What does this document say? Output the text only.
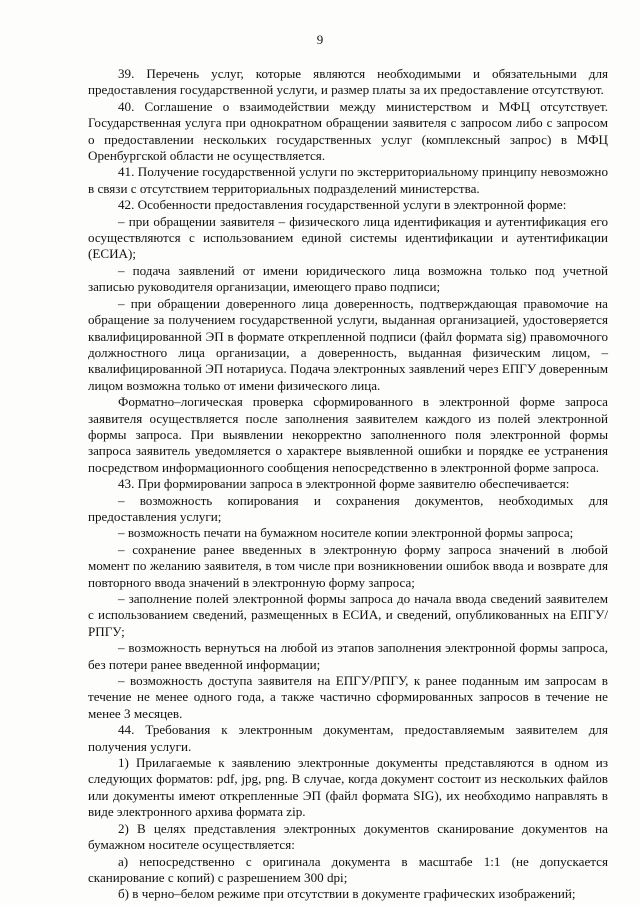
9

39. Перечень услуг, которые являются необходимыми и обязательными для предоставления государственной услуги, и размер платы за их предоставление отсутствуют.

40. Соглашение о взаимодействии между министерством и МФЦ отсутствует. Государственная услуга при однократном обращении заявителя с запросом либо с запросом о предоставлении нескольких государственных услуг (комплексный запрос) в МФЦ Оренбургской области не осуществляется.

41. Получение государственной услуги по экстерриториальному принципу невозможно в связи с отсутствием территориальных подразделений министерства.

42. Особенности предоставления государственной услуги в электронной форме:

– при обращении заявителя – физического лица идентификация и аутентификация его осуществляются с использованием единой системы идентификации и аутентификации (ЕСИА);

– подача заявлений от имени юридического лица возможна только под учетной записью руководителя организации, имеющего право подписи;

– при обращении доверенного лица доверенность, подтверждающая правомочие на обращение за получением государственной услуги, выданная организацией, удостоверяется квалифицированной ЭП в формате открепленной подписи (файл формата sig) правомочного должностного лица организации, а доверенность, выданная физическим лицом, – квалифицированной ЭП нотариуса. Подача электронных заявлений через ЕПГУ доверенным лицом возможна только от имени физического лица.

Форматно–логическая проверка сформированного в электронной форме запроса заявителя осуществляется после заполнения заявителем каждого из полей электронной формы запроса. При выявлении некорректно заполненного поля электронной формы запроса заявитель уведомляется о характере выявленной ошибки и порядке ее устранения посредством информационного сообщения непосредственно в электронной форме запроса.

43. При формировании запроса в электронной форме заявителю обеспечивается:

– возможность копирования и сохранения документов, необходимых для предоставления услуги;

– возможность печати на бумажном носителе копии электронной формы запроса;

– сохранение ранее введенных в электронную форму запроса значений в любой момент по желанию заявителя, в том числе при возникновении ошибок ввода и возврате для повторного ввода значений в электронную форму запроса;

– заполнение полей электронной формы запроса до начала ввода сведений заявителем с использованием сведений, размещенных в ЕСИА, и сведений, опубликованных на ЕПГУ/РПГУ;

– возможность вернуться на любой из этапов заполнения электронной формы запроса, без потери ранее введенной информации;

– возможность доступа заявителя на ЕПГУ/РПГУ, к ранее поданным им запросам в течение не менее одного года, а также частично сформированных запросов в течение не менее 3 месяцев.

44. Требования к электронным документам, предоставляемым заявителем для получения услуги.

1) Прилагаемые к заявлению электронные документы представляются в одном из следующих форматов: pdf, jpg, png. В случае, когда документ состоит из нескольких файлов или документы имеют открепленные ЭП (файл формата SIG), их необходимо направлять в виде электронного архива формата zip.

2) В целях представления электронных документов сканирование документов на бумажном носителе осуществляется:

а) непосредственно с оригинала документа в масштабе 1:1 (не допускается сканирование с копий) с разрешением 300 dpi;

б) в черно–белом режиме при отсутствии в документе графических изображений;
